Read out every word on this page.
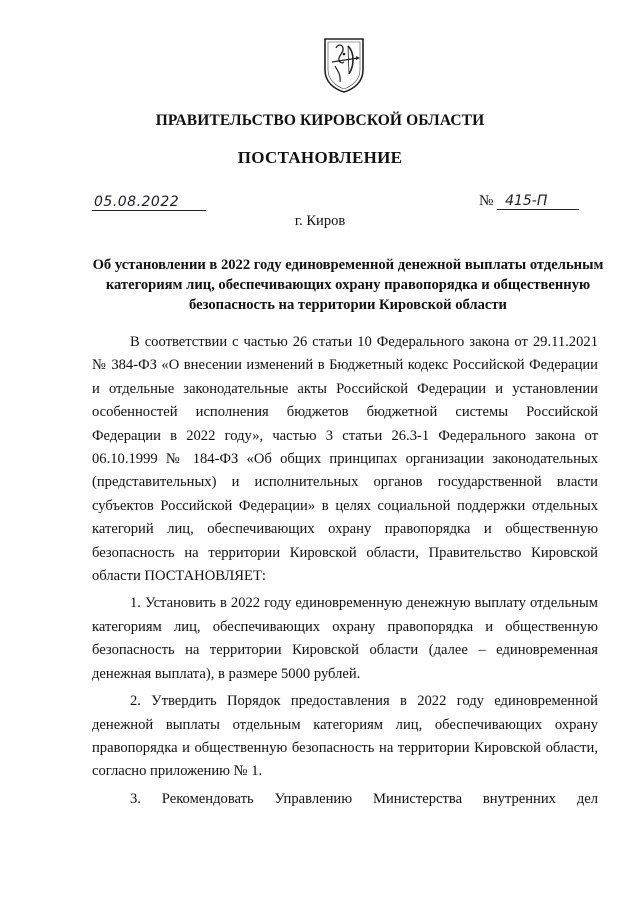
ПРАВИТЕЛЬСТВО КИРОВСКОЙ ОБЛАСТИ
ПОСТАНОВЛЕНИЕ
05.08.2022	№ 415-П
г. Киров
Об установлении в 2022 году единовременной денежной выплаты отдельным категориям лиц, обеспечивающих охрану правопорядка и общественную безопасность на территории Кировской области

В соответствии с частью 26 статьи 10 Федерального закона от 29.11.2021 № 384-ФЗ «О внесении изменений в Бюджетный кодекс Российской Федерации и отдельные законодательные акты Российской Федерации и установлении особенностей исполнения бюджетов бюджетной системы Российской Федерации в 2022 году», частью 3 статьи 26.3-1 Федерального закона от 06.10.1999 № 184-ФЗ «Об общих принципах организации законодательных (представительных) и исполнительных органов государственной власти субъектов Российской Федерации» в целях социальной поддержки отдельных категорий лиц, обеспечивающих охрану правопорядка и общественную безопасность на территории Кировской области, Правительство Кировской области ПОСТАНОВЛЯЕТ:

1. Установить в 2022 году единовременную денежную выплату отдельным категориям лиц, обеспечивающих охрану правопорядка и общественную безопасность на территории Кировской области (далее – единовременная денежная выплата), в размере 5000 рублей.

2. Утвердить Порядок предоставления в 2022 году единовременной денежной выплаты отдельным категориям лиц, обеспечивающих охрану правопорядка и общественную безопасность на территории Кировской области, согласно приложению № 1.

3. Рекомендовать Управлению Министерства внутренних дел
